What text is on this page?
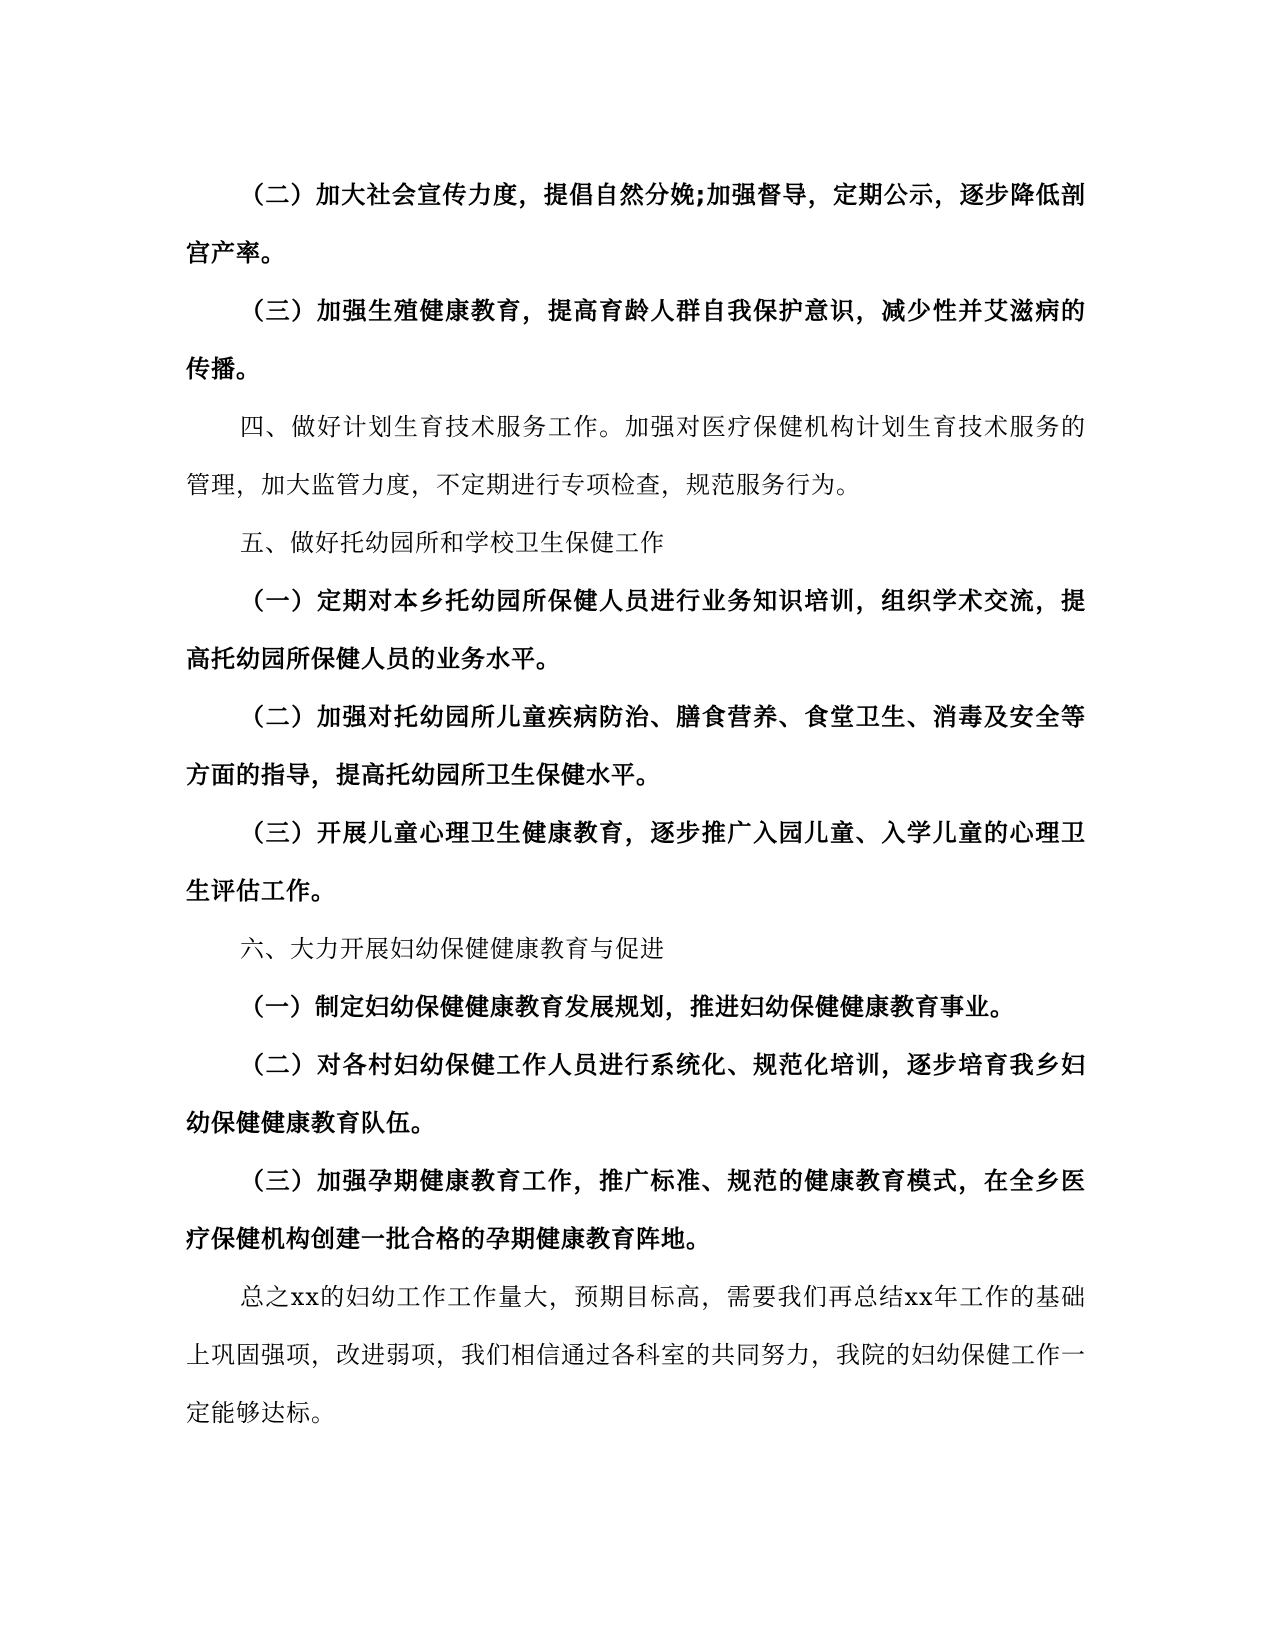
（二）加大社会宣传力度，提倡自然分娩;加强督导，定期公示，逐步降低剖宫产率。

（三）加强生殖健康教育，提高育龄人群自我保护意识，减少性并艾滋病的传播。

四、做好计划生育技术服务工作。加强对医疗保健机构计划生育技术服务的管理，加大监管力度，不定期进行专项检查，规范服务行为。

五、做好托幼园所和学校卫生保健工作

（一）定期对本乡托幼园所保健人员进行业务知识培训，组织学术交流，提高托幼园所保健人员的业务水平。

（二）加强对托幼园所儿童疾病防治、膳食营养、食堂卫生、消毒及安全等方面的指导，提高托幼园所卫生保健水平。

（三）开展儿童心理卫生健康教育，逐步推广入园儿童、入学儿童的心理卫生评估工作。

六、大力开展妇幼保健健康教育与促进

（一）制定妇幼保健健康教育发展规划，推进妇幼保健健康教育事业。

（二）对各村妇幼保健工作人员进行系统化、规范化培训，逐步培育我乡妇幼保健健康教育队伍。

（三）加强孕期健康教育工作，推广标准、规范的健康教育模式，在全乡医疗保健机构创建一批合格的孕期健康教育阵地。

总之xx的妇幼工作工作量大，预期目标高，需要我们再总结xx年工作的基础上巩固强项，改进弱项，我们相信通过各科室的共同努力，我院的妇幼保健工作一定能够达标。
